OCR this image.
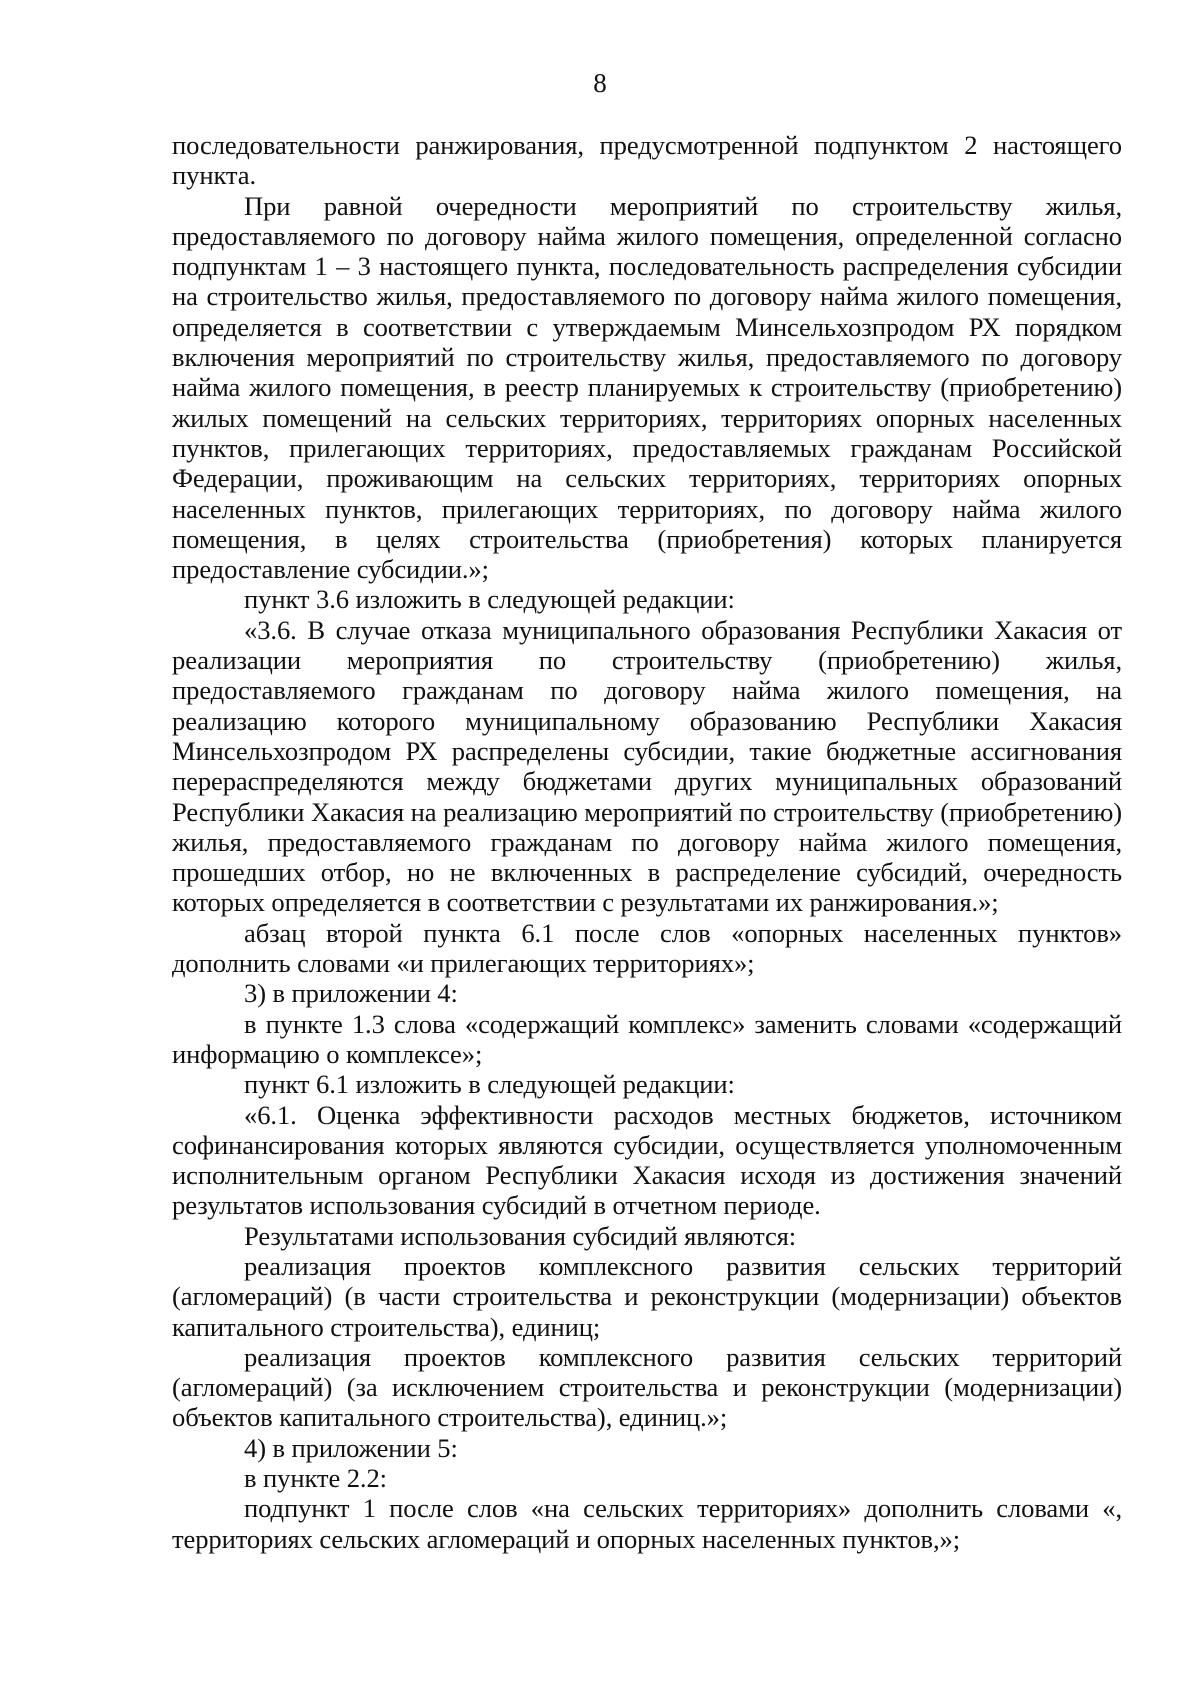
8

последовательности ранжирования, предусмотренной подпунктом 2 настоящего пункта.

При равной очередности мероприятий по строительству жилья, предоставляемого по договору найма жилого помещения, определенной согласно подпунктам 1 – 3 настоящего пункта, последовательность распределения субсидии на строительство жилья, предоставляемого по договору найма жилого помещения, определяется в соответствии с утверждаемым Минсельхозпродом РХ порядком включения мероприятий по строительству жилья, предоставляемого по договору найма жилого помещения, в реестр планируемых к строительству (приобретению) жилых помещений на сельских территориях, территориях опорных населенных пунктов, прилегающих территориях, предоставляемых гражданам Российской Федерации, проживающим на сельских территориях, территориях опорных населенных пунктов, прилегающих территориях, по договору найма жилого помещения, в целях строительства (приобретения) которых планируется предоставление субсидии.»;

пункт 3.6 изложить в следующей редакции:

«3.6. В случае отказа муниципального образования Республики Хакасия от реализации мероприятия по строительству (приобретению) жилья, предоставляемого гражданам по договору найма жилого помещения, на реализацию которого муниципальному образованию Республики Хакасия Минсельхозпродом РХ распределены субсидии, такие бюджетные ассигнования перераспределяются между бюджетами других муниципальных образований Республики Хакасия на реализацию мероприятий по строительству (приобретению) жилья, предоставляемого гражданам по договору найма жилого помещения, прошедших отбор, но не включенных в распределение субсидий, очередность которых определяется в соответствии с результатами их ранжирования.»;

абзац второй пункта 6.1 после слов «опорных населенных пунктов» дополнить словами «и прилегающих территориях»;

3) в приложении 4:

в пункте 1.3 слова «содержащий комплекс» заменить словами «содержащий информацию о комплексе»;

пункт 6.1 изложить в следующей редакции:

«6.1. Оценка эффективности расходов местных бюджетов, источником софинансирования которых являются субсидии, осуществляется уполномоченным исполнительным органом Республики Хакасия исходя из достижения значений результатов использования субсидий в отчетном периоде.

Результатами использования субсидий являются:

реализация проектов комплексного развития сельских территорий (агломераций) (в части строительства и реконструкции (модернизации) объектов капитального строительства), единиц;

реализация проектов комплексного развития сельских территорий (агломераций) (за исключением строительства и реконструкции (модернизации) объектов капитального строительства), единиц.»;

4) в приложении 5:

в пункте 2.2:

подпункт 1 после слов «на сельских территориях» дополнить словами «, территориях сельских агломераций и опорных населенных пунктов,»;
